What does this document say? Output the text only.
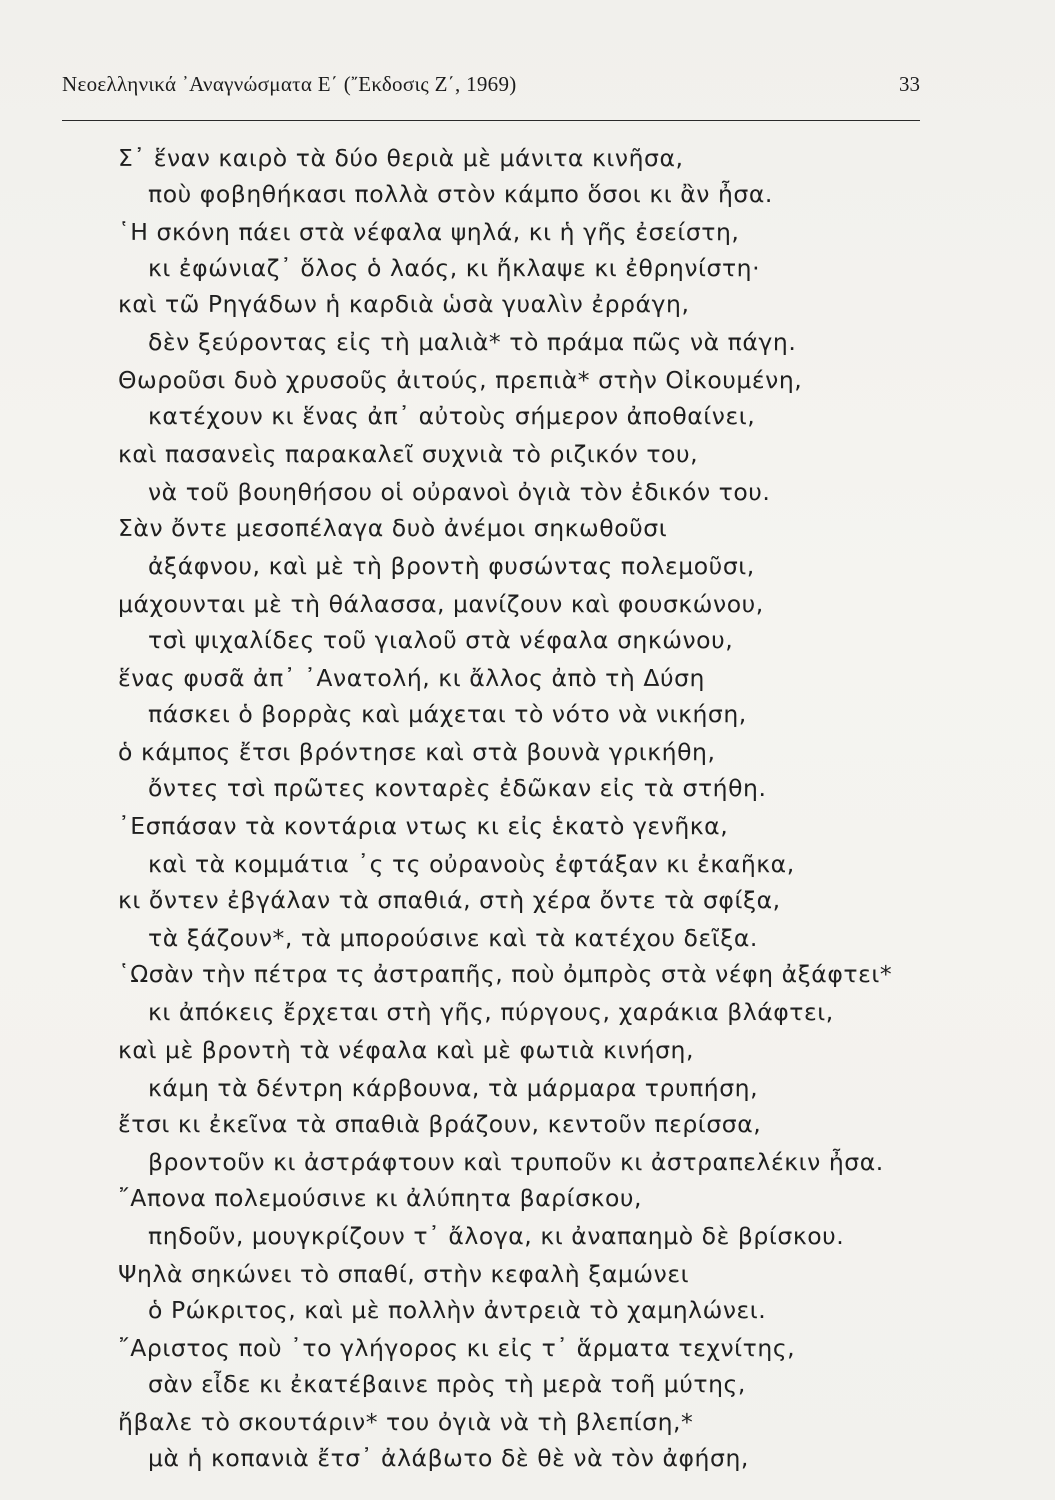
Νεοελληνικά ᾿Αναγνώσματα Ε΄ (῎Εκδοσις Ζ΄, 1969)	33
Σ᾿ ἕναν καιρὸ τὰ δύο θεριὰ μὲ μάνιτα κινῆσα,
ποὺ φοβηθήκασι πολλὰ στὸν κάμπο ὅσοι κι ἂν ἦσα.
῾Η σκόνη πάει στὰ νέφαλα ψηλά, κι ἡ γῆς ἐσείστη,
κι ἐφώνιαζ᾿ ὅλος ὁ λαός, κι ἤκλαψε κι ἐθρηνίστη·
καὶ τῶ Ρηγάδων ἡ καρδιὰ ὡσὰ γυαλὶν ἐρράγη,
δὲν ξεύροντας εἰς τὴ μαλιὰ* τὸ πράμα πῶς νὰ πάγη.
Θωροῦσι δυὸ χρυσοῦς ἀιτούς, πρεπιὰ* στὴν Οἰκουμένη,
κατέχουν κι ἕνας ἀπ᾿ αὐτοὺς σήμερον ἀποθαίνει,
καὶ πασανεὶς παρακαλεῖ συχνιὰ τὸ ριζικόν του,
νὰ τοῦ βουηθήσου οἱ οὐρανοὶ ὀγιὰ τὸν ἐδικόν του.
Σὰν ὄντε μεσοπέλαγα δυὸ ἀνέμοι σηκωθοῦσι
ἀξάφνου, καὶ μὲ τὴ βροντὴ φυσώντας πολεμοῦσι,
μάχουνται μὲ τὴ θάλασσα, μανίζουν καὶ φουσκώνου,
τσὶ ψιχαλίδες τοῦ γιαλοῦ στὰ νέφαλα σηκώνου,
ἕνας φυσᾶ ἀπ᾿ ᾿Ανατολή, κι ἄλλος ἀπὸ τὴ Δύση
πάσκει ὁ βορρὰς καὶ μάχεται τὸ νότο νὰ νικήση,
ὁ κάμπος ἔτσι βρόντησε καὶ στὰ βουνὰ γρικήθη,
ὄντες τσὶ πρῶτες κονταρὲς ἐδῶκαν εἰς τὰ στήθη.
᾿Εσπάσαν τὰ κοντάρια ντως κι εἰς ἑκατὸ γενῆκα,
καὶ τὰ κομμάτια ᾿ς τς οὐρανοὺς ἐφτάξαν κι ἐκαῆκα,
κι ὄντεν ἐβγάλαν τὰ σπαθιά, στὴ χέρα ὄντε τὰ σφίξα,
τὰ ξάζουν*, τὰ μπορούσινε καὶ τὰ κατέχου δεῖξα.
῾Ωσὰν τὴν πέτρα τς ἀστραπῆς, ποὺ ὀμπρὸς στὰ νέφη ἀξάφτει*
κι ἀπόκεις ἔρχεται στὴ γῆς, πύργους, χαράκια βλάφτει,
καὶ μὲ βροντὴ τὰ νέφαλα καὶ μὲ φωτιὰ κινήση,
κάμη τὰ δέντρη κάρβουνα, τὰ μάρμαρα τρυπήση,
ἔτσι κι ἐκεῖνα τὰ σπαθιὰ βράζουν, κεντοῦν περίσσα,
βροντοῦν κι ἀστράφτουν καὶ τρυποῦν κι ἀστραπελέκιν ἦσα.
῎Απονα πολεμούσινε κι ἀλύπητα βαρίσκου,
πηδοῦν, μουγκρίζουν τ᾿ ἄλογα, κι ἀναπαημὸ δὲ βρίσκου.
Ψηλὰ σηκώνει τὸ σπαθί, στὴν κεφαλὴ ξαμώνει
ὁ Ρώκριτος, καὶ μὲ πολλὴν ἀντρειὰ τὸ χαμηλώνει.
῎Αριστος ποὺ ᾿το γλήγορος κι εἰς τ᾿ ἅρματα τεχνίτης,
σὰν εἶδε κι ἐκατέβαινε πρὸς τὴ μερὰ τοῆ μύτης,
ἤβαλε τὸ σκουτάριν* του ὀγιὰ νὰ τὴ βλεπίση,*
μὰ ἡ κοπανιὰ ἔτσ᾿ ἀλάβωτο δὲ θὲ νὰ τὸν ἀφήση,
